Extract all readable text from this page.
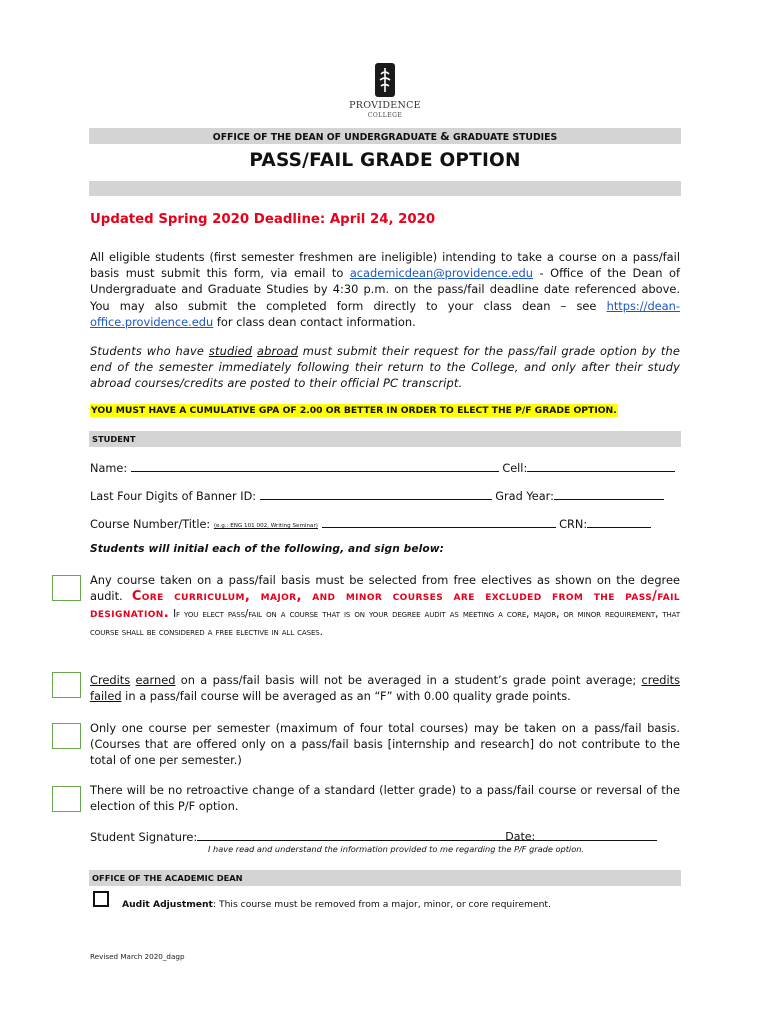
PROVIDENCE
COLLEGE
OFFICE OF THE DEAN OF UNDERGRADUATE & GRADUATE STUDIES
PASS/FAIL GRADE OPTION
Updated Spring 2020 Deadline: April 24, 2020
All eligible students (first semester freshmen are ineligible) intending to take a course on a pass/fail basis must submit this form, via email to academicdean@providence.edu - Office of the Dean of Undergraduate and Graduate Studies by 4:30 p.m. on the pass/fail deadline date referenced above. You may also submit the completed form directly to your class dean – see https://dean-office.providence.edu for class dean contact information.
Students who have studied abroad must submit their request for the pass/fail grade option by the end of the semester immediately following their return to the College, and only after their study abroad courses/credits are posted to their official PC transcript.
YOU MUST HAVE A CUMULATIVE GPA OF 2.00 OR BETTER IN ORDER TO ELECT THE P/F GRADE OPTION.
STUDENT
Name:	Cell:
Last Four Digits of Banner ID:	Grad Year:
Course Number/Title: (e.g.: ENG 101 002, Writing Seminar)	CRN:
Students will initial each of the following, and sign below:
Any course taken on a pass/fail basis must be selected from free electives as shown on the degree audit. Core curriculum, major, and minor courses are excluded from the pass/fail designation. If you elect pass/fail on a course that is on your degree audit as meeting a core, major, or minor requirement, that course shall be considered a free elective in all cases.
Credits earned on a pass/fail basis will not be averaged in a student’s grade point average; credits failed in a pass/fail course will be averaged as an “F” with 0.00 quality grade points.
Only one course per semester (maximum of four total courses) may be taken on a pass/fail basis. (Courses that are offered only on a pass/fail basis [internship and research] do not contribute to the total of one per semester.)
There will be no retroactive change of a standard (letter grade) to a pass/fail course or reversal of the election of this P/F option.
Student Signature:	Date:
I have read and understand the information provided to me regarding the P/F grade option.
OFFICE OF THE ACADEMIC DEAN
Audit Adjustment: This course must be removed from a major, minor, or core requirement.
Revised March 2020_dagp
